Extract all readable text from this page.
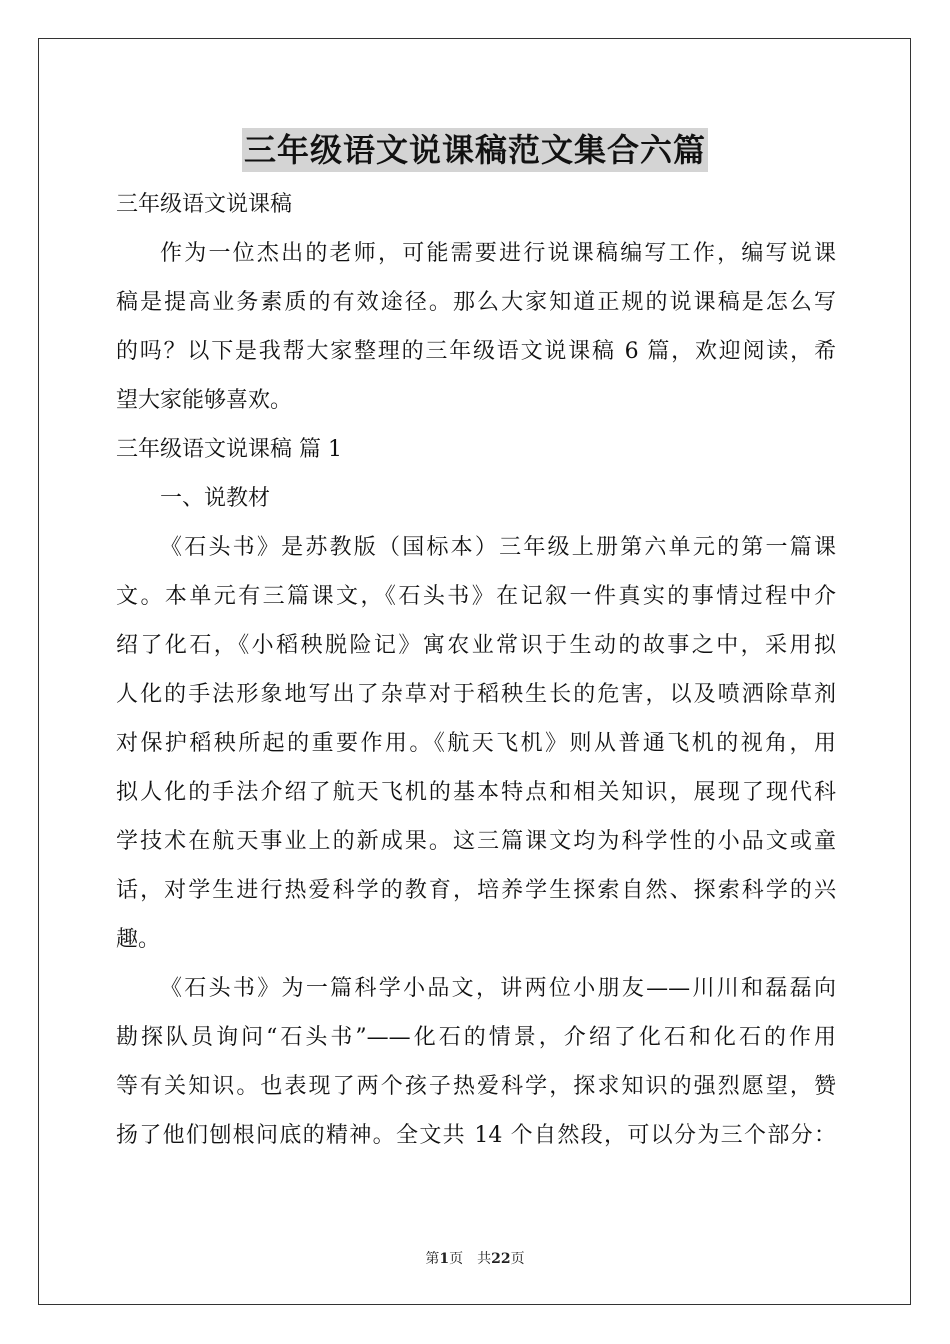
三年级语文说课稿范文集合六篇
三年级语文说课稿
作为一位杰出的老师，可能需要进行说课稿编写工作，编写说课
稿是提高业务素质的有效途径。那么大家知道正规的说课稿是怎么写
的吗？以下是我帮大家整理的三年级语文说课稿 6 篇，欢迎阅读，希
望大家能够喜欢。
三年级语文说课稿 篇 1
一、说教材
《石头书》是苏教版（国标本）三年级上册第六单元的第一篇课
文。本单元有三篇课文，《石头书》在记叙一件真实的事情过程中介
绍了化石，《小稻秧脱险记》寓农业常识于生动的故事之中，采用拟
人化的手法形象地写出了杂草对于稻秧生长的危害，以及喷洒除草剂
对保护稻秧所起的重要作用。《航天飞机》则从普通飞机的视角，用
拟人化的手法介绍了航天飞机的基本特点和相关知识，展现了现代科
学技术在航天事业上的新成果。这三篇课文均为科学性的小品文或童
话，对学生进行热爱科学的教育，培养学生探索自然、探索科学的兴
趣。
《石头书》为一篇科学小品文，讲两位小朋友——川川和磊磊向
勘探队员询问“石头书”——化石的情景，介绍了化石和化石的作用
等有关知识。也表现了两个孩子热爱科学，探求知识的强烈愿望，赞
扬了他们刨根问底的精神。全文共 14 个自然段，可以分为三个部分：
第1页 共22页
